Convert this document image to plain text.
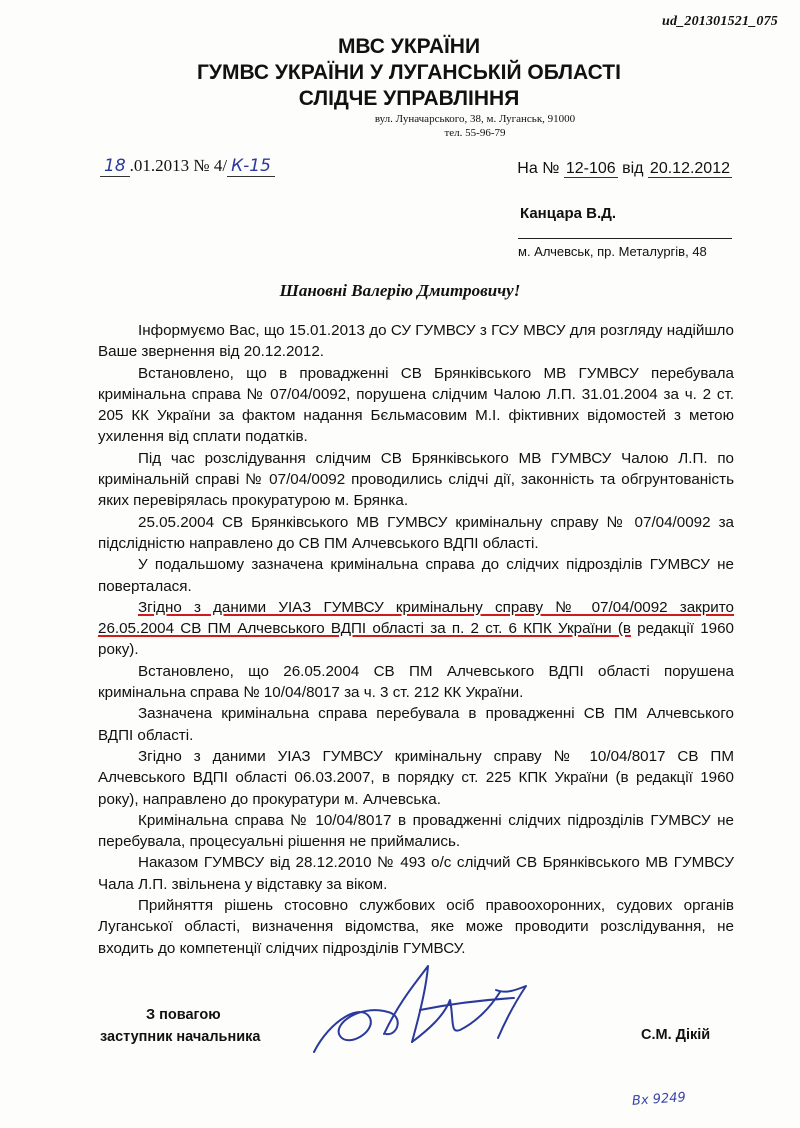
ud_201301521_075
МВС УКРАЇНИ
ГУМВС УКРАЇНИ У ЛУГАНСЬКІЙ ОБЛАСТІ
СЛІДЧЕ УПРАВЛІННЯ
вул. Луначарського, 38, м. Луганськ, 91000
тел. 55-96-79
18 .01.2013 № 4/ К-15	На № 12-106 від 20.12.2012
Канцара В.Д.
м. Алчевськ, пр. Металургів, 48
Шановні Валерію Дмитровичу!

Інформуємо Вас, що 15.01.2013 до СУ ГУМВСУ з ГСУ МВСУ для розгляду надійшло Ваше звернення від 20.12.2012.

Встановлено, що в провадженні СВ Брянківського МВ ГУМВСУ перебувала кримінальна справа № 07/04/0092, порушена слідчим Чалою Л.П. 31.01.2004 за ч. 2 ст. 205 КК України за фактом надання Бєльмасовим М.І. фіктивних відомостей з метою ухилення від сплати податків.

Під час розслідування слідчим СВ Брянківського МВ ГУМВСУ Чалою Л.П. по кримінальній справі № 07/04/0092 проводились слідчі дії, законність та обгрунтованість яких перевірялась прокуратурою м. Брянка.

25.05.2004 СВ Брянківського МВ ГУМВСУ кримінальну справу № 07/04/0092 за підслідністю направлено до СВ ПМ Алчевського ВДПІ області.

У подальшому зазначена кримінальна справа до слідчих підрозділів ГУМВСУ не поверталася.

Згідно з даними УІАЗ ГУМВСУ кримінальну справу № 07/04/0092 закрито 26.05.2004 СВ ПМ Алчевського ВДПІ області за п. 2 ст. 6 КПК України (в редакції 1960 року).

Встановлено, що 26.05.2004 СВ ПМ Алчевського ВДПІ області порушена кримінальна справа № 10/04/8017 за ч. 3 ст. 212 КК України.

Зазначена кримінальна справа перебувала в провадженні СВ ПМ Алчевського ВДПІ області.

Згідно з даними УІАЗ ГУМВСУ кримінальну справу № 10/04/8017 СВ ПМ Алчевського ВДПІ області 06.03.2007, в порядку ст. 225 КПК України (в редакції 1960 року), направлено до прокуратури м. Алчевська.

Кримінальна справа № 10/04/8017 в провадженні слідчих підрозділів ГУМВСУ не перебувала, процесуальні рішення не приймались.

Наказом ГУМВСУ від 28.12.2010 № 493 о/с слідчий СВ Брянківського МВ ГУМВСУ Чала Л.П. звільнена у відставку за віком.

Прийняття рішень стосовно службових осіб правоохоронних, судових органів Луганської області, визначення відомства, яке може проводити розслідування, не входить до компетенції слідчих підрозділів ГУМВСУ.

З повагою
заступник начальника	С.М. Дікій
Вх 9249
